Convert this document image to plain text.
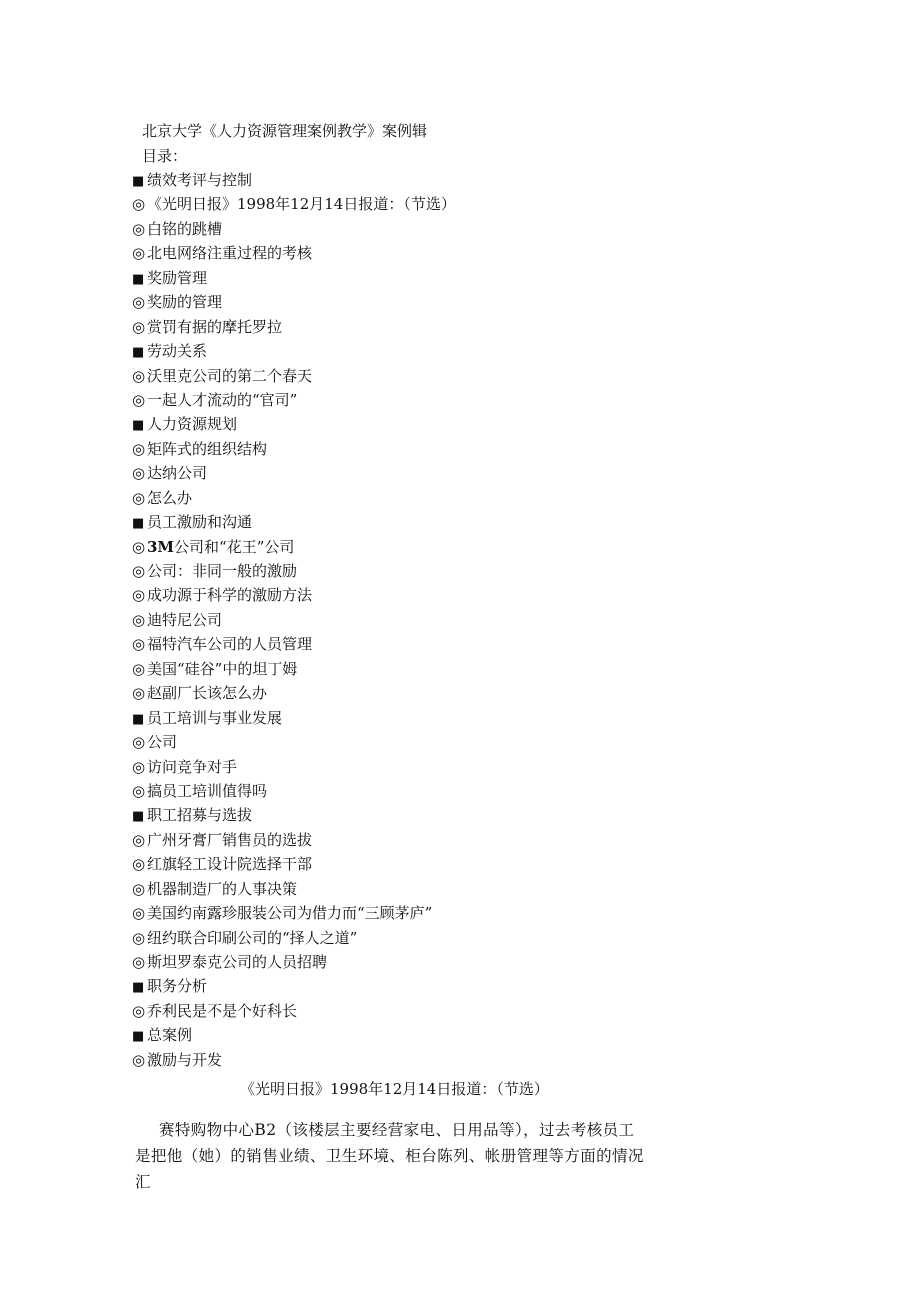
北京大学《人力资源管理案例教学》案例辑
目录：
■ 绩效考评与控制
◎ 《光明日报》1998年12月14日报道：（节选）
◎ 白铭的跳槽
◎ 北电网络注重过程的考核
■ 奖励管理
◎ 奖励的管理
◎ 赏罚有据的摩托罗拉
■ 劳动关系
◎ 沃里克公司的第二个春天
◎ 一起人才流动的“官司”
■ 人力资源规划
◎ 矩阵式的组织结构
◎ 达纳公司
◎ 怎么办
■ 员工激励和沟通
◎ 3M公司和“花王”公司
◎ 公司：非同一般的激励
◎ 成功源于科学的激励方法
◎ 迪特尼公司
◎ 福特汽车公司的人员管理
◎ 美国“硅谷”中的坦丁姆
◎ 赵副厂长该怎么办
■ 员工培训与事业发展
◎ 公司
◎ 访问竞争对手
◎ 搞员工培训值得吗
■ 职工招募与选拔
◎ 广州牙膏厂销售员的选拔
◎ 红旗轻工设计院选择干部
◎ 机器制造厂的人事决策
◎ 美国约南露珍服装公司为借力而“三顾茅庐”
◎ 纽约联合印刷公司的“择人之道”
◎ 斯坦罗泰克公司的人员招聘
■ 职务分析
◎ 乔利民是不是个好科长
■ 总案例
◎ 激励与开发
《光明日报》1998年12月14日报道：（节选）

赛特购物中心B2（该楼层主要经营家电、日用品等），过去考核员工是把他（她）的销售业绩、卫生环境、柜台陈列、帐册管理等方面的情况汇
